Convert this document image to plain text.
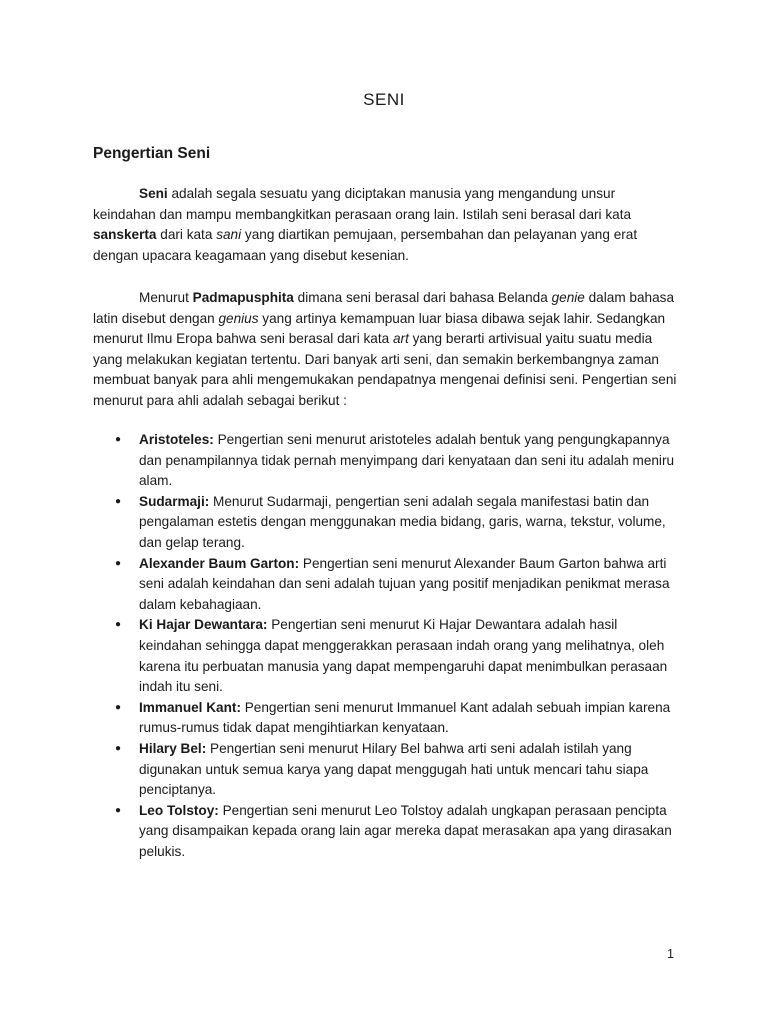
SENI
Pengertian Seni

Seni adalah segala sesuatu yang diciptakan manusia yang mengandung unsur keindahan dan mampu membangkitkan perasaan orang lain. Istilah seni berasal dari kata sanskerta dari kata sani yang diartikan pemujaan, persembahan dan pelayanan yang erat dengan upacara keagamaan yang disebut kesenian.

Menurut Padmapusphita dimana seni berasal dari bahasa Belanda genie dalam bahasa latin disebut dengan genius yang artinya kemampuan luar biasa dibawa sejak lahir. Sedangkan menurut Ilmu Eropa bahwa seni berasal dari kata art yang berarti artivisual yaitu suatu media yang melakukan kegiatan tertentu. Dari banyak arti seni, dan semakin berkembangnya zaman membuat banyak para ahli mengemukakan pendapatnya mengenai definisi seni. Pengertian seni menurut para ahli adalah sebagai berikut :

● Aristoteles: Pengertian seni menurut aristoteles adalah bentuk yang pengungkapannya dan penampilannya tidak pernah menyimpang dari kenyataan dan seni itu adalah meniru alam.
● Sudarmaji: Menurut Sudarmaji, pengertian seni adalah segala manifestasi batin dan pengalaman estetis dengan menggunakan media bidang, garis, warna, tekstur, volume, dan gelap terang.
● Alexander Baum Garton: Pengertian seni menurut Alexander Baum Garton bahwa arti seni adalah keindahan dan seni adalah tujuan yang positif menjadikan penikmat merasa dalam kebahagiaan.
● Ki Hajar Dewantara: Pengertian seni menurut Ki Hajar Dewantara adalah hasil keindahan sehingga dapat menggerakkan perasaan indah orang yang melihatnya, oleh karena itu perbuatan manusia yang dapat mempengaruhi dapat menimbulkan perasaan indah itu seni.
● Immanuel Kant: Pengertian seni menurut Immanuel Kant adalah sebuah impian karena rumus-rumus tidak dapat mengihtiarkan kenyataan.
● Hilary Bel: Pengertian seni menurut Hilary Bel bahwa arti seni adalah istilah yang digunakan untuk semua karya yang dapat menggugah hati untuk mencari tahu siapa penciptanya.
● Leo Tolstoy: Pengertian seni menurut Leo Tolstoy adalah ungkapan perasaan pencipta yang disampaikan kepada orang lain agar mereka dapat merasakan apa yang dirasakan pelukis.
1
